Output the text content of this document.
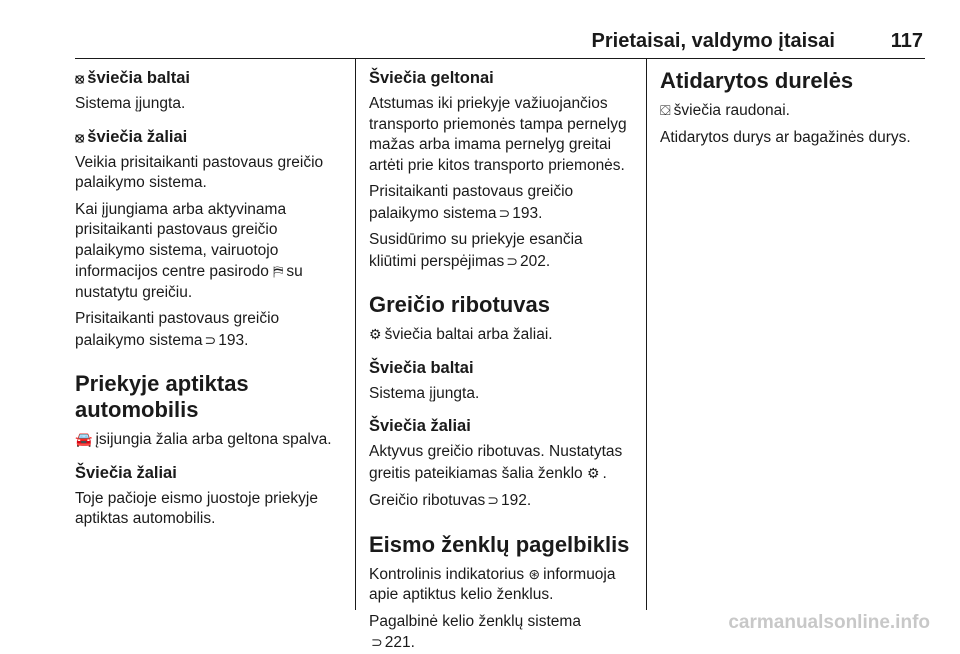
Prietaisai, valdymo įtaisai	117
⦻ šviečia baltai

Sistema įjungta.

⦻ šviečia žaliai

Veikia prisitaikanti pastovaus greičio
palaikymo sistema.

Kai įjungiama arba aktyvinama
prisitaikanti pastovaus greičio
palaikymo sistema, vairuotojo
informacijos centre pasirodo ⛿ su
nustatytu greičiu.

Prisitaikanti pastovaus greičio
palaikymo sistema ⊃ 193.

Priekyje aptiktas
automobilis

🚘 įsijungia žalia arba geltona spalva.

Šviečia žaliai

Toje pačioje eismo juostoje priekyje
aptiktas automobilis.

Šviečia geltonai

Atstumas iki priekyje važiuojančios
transporto priemonės tampa pernelyg
mažas arba imama pernelyg greitai
artėti prie kitos transporto priemonės.

Prisitaikanti pastovaus greičio
palaikymo sistema ⊃ 193.

Susidūrimo su priekyje esančia
kliūtimi perspėjimas ⊃ 202.

Greičio ribotuvas

⚙ šviečia baltai arba žaliai.

Šviečia baltai

Sistema įjungta.

Šviečia žaliai

Aktyvus greičio ribotuvas. Nustatytas
greitis pateikiamas šalia ženklo ⚙ .

Greičio ribotuvas ⊃ 192.

Eismo ženklų pagelbiklis

Kontrolinis indikatorius ⊛ informuoja
apie aptiktus kelio ženklus.

Pagalbinė kelio ženklų sistema
⊃ 221.

Atidarytos durelės

⛋ šviečia raudonai.

Atidarytos durys ar bagažinės durys.

carmanualsonline.info
